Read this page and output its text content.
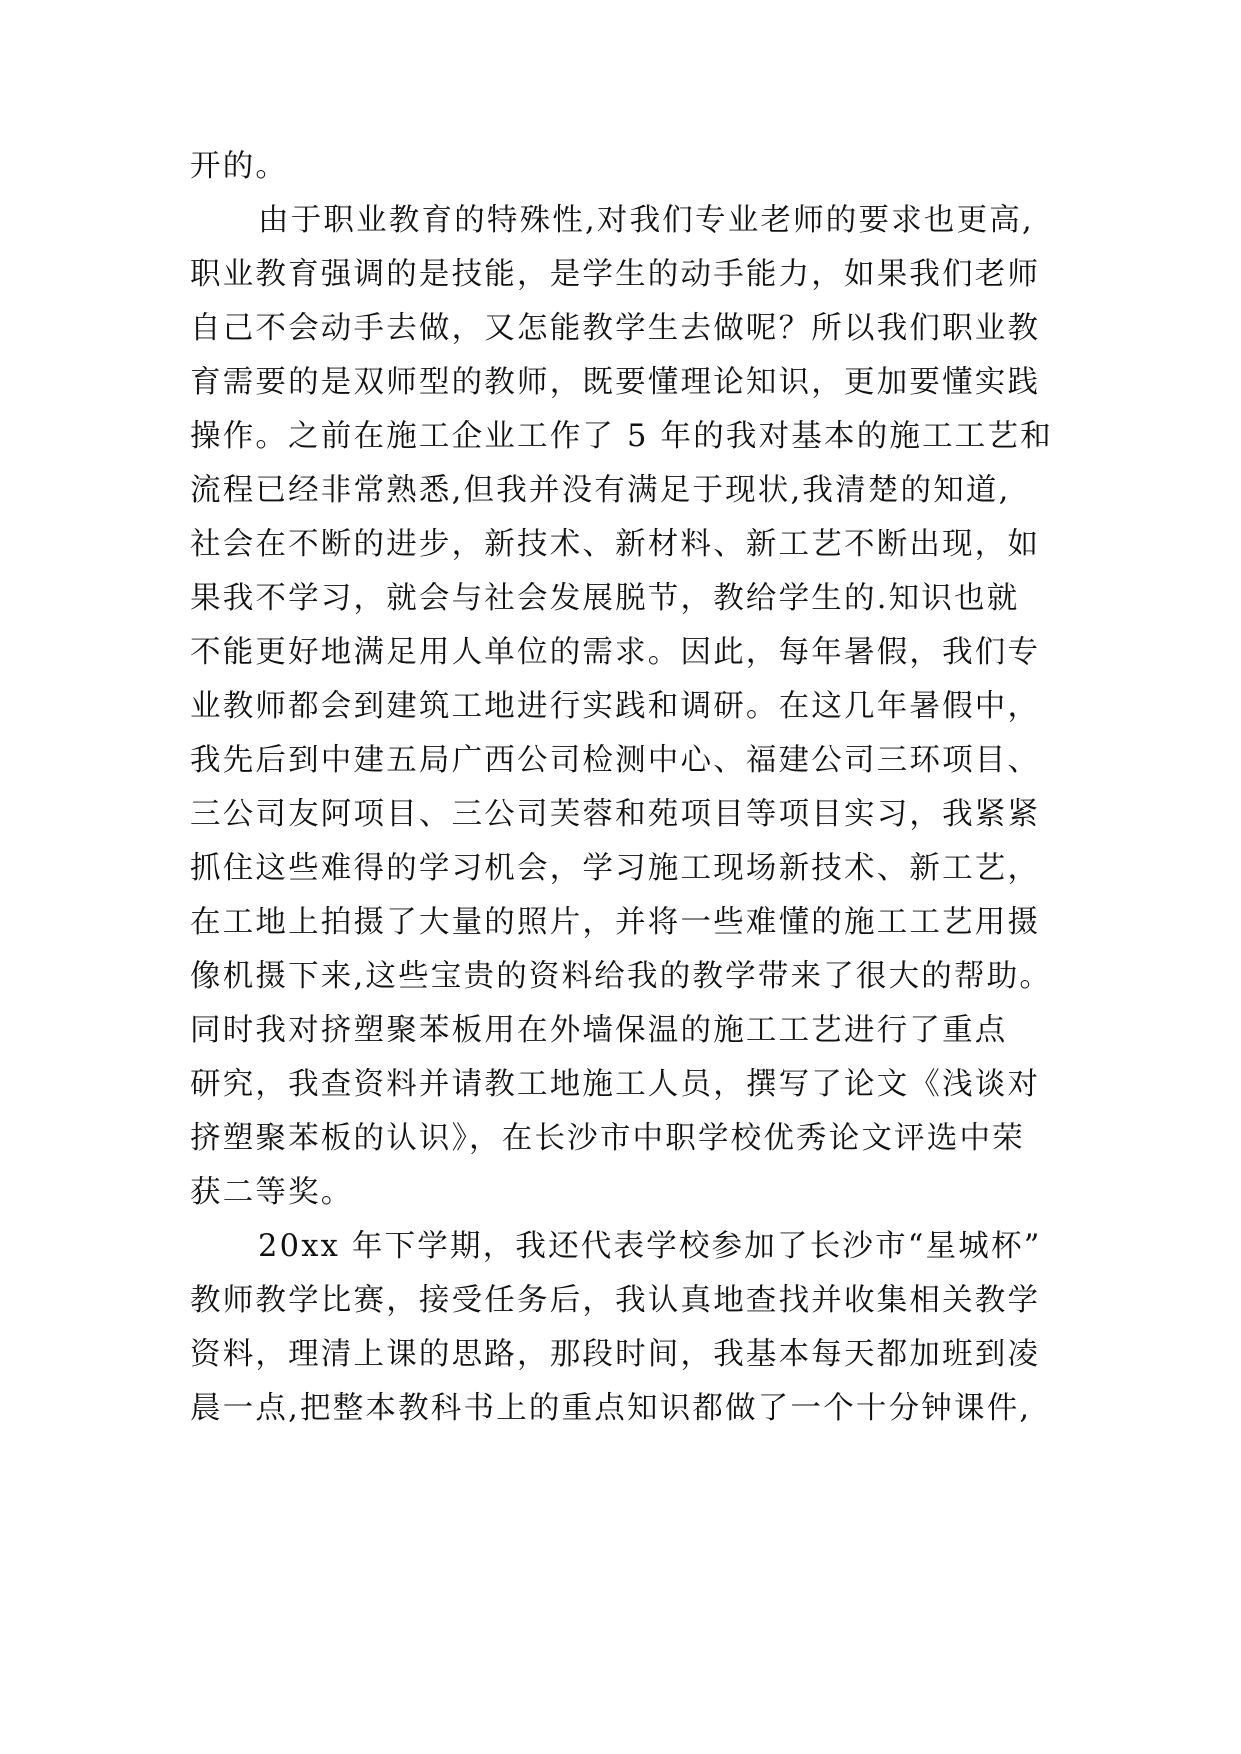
开的。
由于职业教育的特殊性,对我们专业老师的要求也更高,
职业教育强调的是技能，是学生的动手能力，如果我们老师
自己不会动手去做，又怎能教学生去做呢？所以我们职业教
育需要的是双师型的教师，既要懂理论知识，更加要懂实践
操作。之前在施工企业工作了 5 年的我对基本的施工工艺和
流程已经非常熟悉,但我并没有满足于现状,我清楚的知道,
社会在不断的进步，新技术、新材料、新工艺不断出现，如
果我不学习，就会与社会发展脱节，教给学生的.知识也就
不能更好地满足用人单位的需求。因此，每年暑假，我们专
业教师都会到建筑工地进行实践和调研。在这几年暑假中，
我先后到中建五局广西公司检测中心、福建公司三环项目、
三公司友阿项目、三公司芙蓉和苑项目等项目实习，我紧紧
抓住这些难得的学习机会，学习施工现场新技术、新工艺，
在工地上拍摄了大量的照片，并将一些难懂的施工工艺用摄
像机摄下来,这些宝贵的资料给我的教学带来了很大的帮助。
同时我对挤塑聚苯板用在外墙保温的施工工艺进行了重点
研究，我查资料并请教工地施工人员，撰写了论文《浅谈对
挤塑聚苯板的认识》，在长沙市中职学校优秀论文评选中荣
获二等奖。
20xx 年下学期，我还代表学校参加了长沙市“星城杯”
教师教学比赛，接受任务后，我认真地查找并收集相关教学
资料，理清上课的思路，那段时间，我基本每天都加班到凌
晨一点,把整本教科书上的重点知识都做了一个十分钟课件,
